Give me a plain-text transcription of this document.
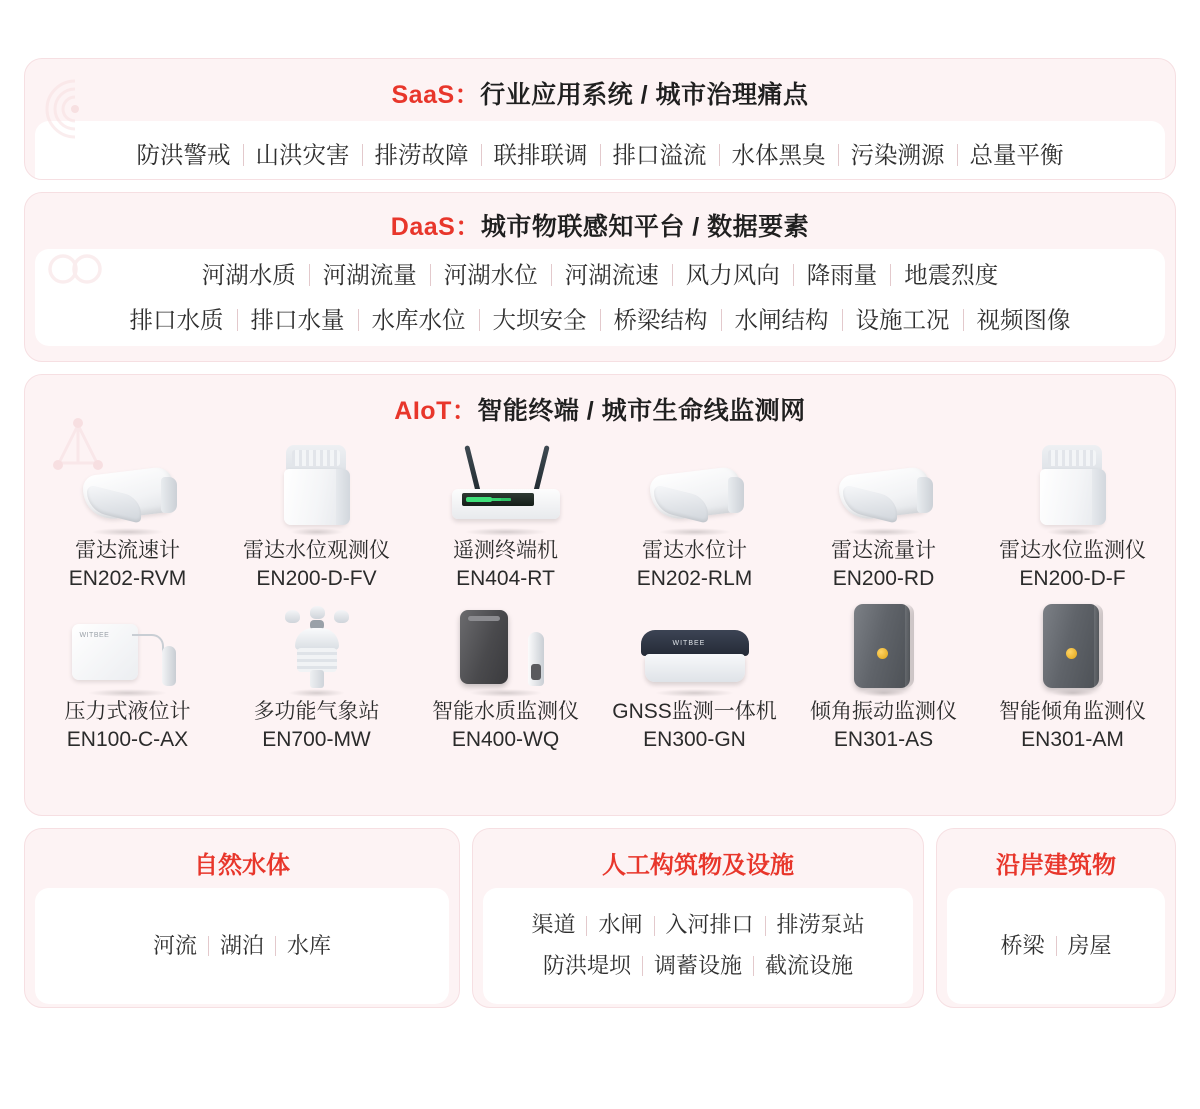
SaaS：行业应用系统 / 城市治理痛点
防洪警戒	山洪灾害	排涝故障	联排联调	排口溢流	水体黑臭	污染溯源	总量平衡
DaaS：城市物联感知平台 / 数据要素
河湖水质	河湖流量	河湖水位	河湖流速	风力风向	降雨量	地震烈度
排口水质	排口水量	水库水位	大坝安全	桥梁结构	水闸结构	设施工况	视频图像
AIoT：智能终端 / 城市生命线监测网
雷达流速计
EN202-RVM
雷达水位观测仪
EN200-D-FV
遥测终端机
EN404-RT
雷达水位计
EN202-RLM
雷达流量计
EN200-RD
雷达水位监测仪
EN200-D-F
WITBEE
压力式液位计
EN100-C-AX
多功能气象站
EN700-MW
智能水质监测仪
EN400-WQ
WITBEE
GNSS监测一体机
EN300-GN
倾角振动监测仪
EN301-AS
智能倾角监测仪
EN301-AM
自然水体
河流	湖泊	水库
人工构筑物及设施
渠道	水闸	入河排口	排涝泵站
防洪堤坝	调蓄设施	截流设施
沿岸建筑物
桥梁	房屋
